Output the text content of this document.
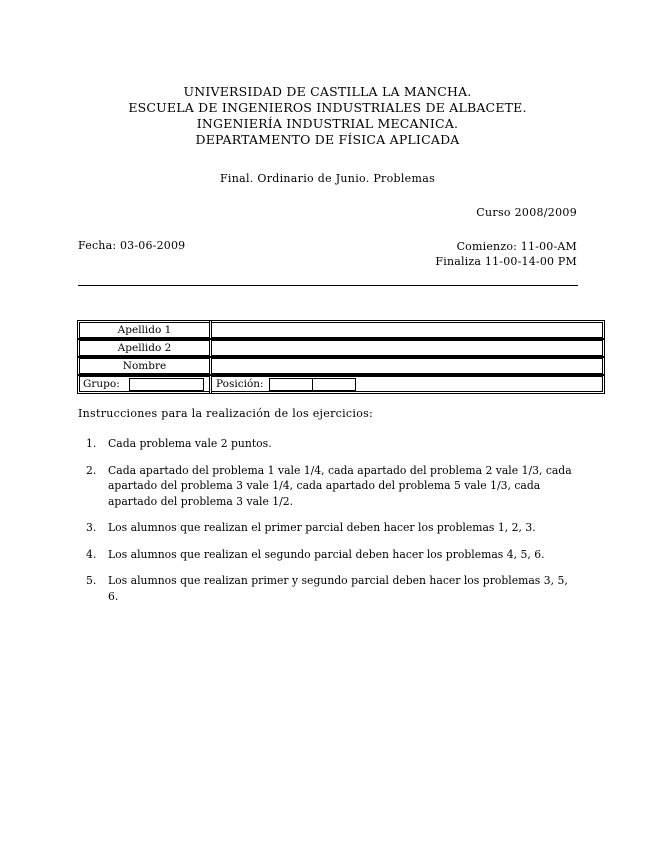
UNIVERSIDAD DE CASTILLA LA MANCHA.
ESCUELA DE INGENIEROS INDUSTRIALES DE ALBACETE.
INGENIERÍA INDUSTRIAL MECANICA.
DEPARTAMENTO DE FÍSICA APLICADA
Final. Ordinario de Junio. Problemas
Curso 2008/2009
Fecha: 03-06-2009	Comienzo: 11-00-AM
Finaliza 11-00-14-00 PM
Apellido 1
Apellido 2
Nombre
Grupo:	Posición:
Instrucciones para la realización de los ejercicios:
1. Cada problema vale 2 puntos.
2. Cada apartado del problema 1 vale 1/4, cada apartado del problema 2 vale 1/3, cada apartado del problema 3 vale 1/4, cada apartado del problema 5 vale 1/3, cada apartado del problema 3 vale 1/2.
3. Los alumnos que realizan el primer parcial deben hacer los problemas 1, 2, 3.
4. Los alumnos que realizan el segundo parcial deben hacer los problemas 4, 5, 6.
5. Los alumnos que realizan primer y segundo parcial deben hacer los problemas 3, 5, 6.
